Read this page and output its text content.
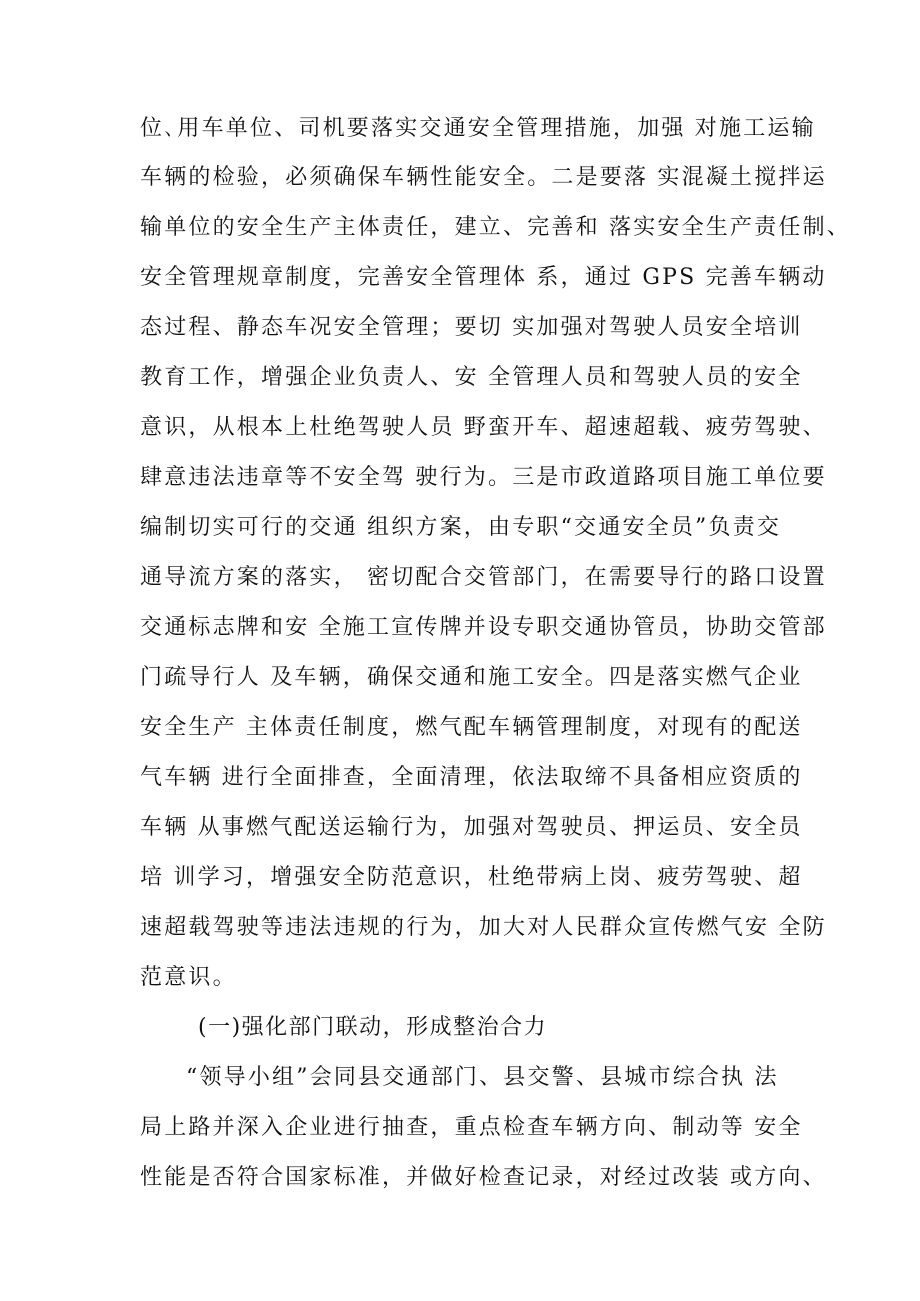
位､用车单位、司机要落实交通安全管理措施，加强 对施工运输
车辆的检验，必须确保车辆性能安全。二是要落 实混凝土搅拌运
输单位的安全生产主体责任，建立、完善和 落实安全生产责任制、
安全管理规章制度，完善安全管理体 系，通过 GPS 完善车辆动
态过程、静态车况安全管理；要切 实加强对驾驶人员安全培训
教育工作，增强企业负责人、安 全管理人员和驾驶人员的安全
意识，从根本上杜绝驾驶人员 野蛮开车、超速超载、疲劳驾驶、
肆意违法违章等不安全驾 驶行为。三是市政道路项目施工单位要
编制切实可行的交通 组织方案，由专职“交通安全员”负责交
通导流方案的落实， 密切配合交管部门，在需要导行的路口设置
交通标志牌和安 全施工宣传牌并设专职交通协管员，协助交管部
门疏导行人 及车辆，确保交通和施工安全。四是落实燃气企业
安全生产 主体责任制度，燃气配车辆管理制度，对现有的配送
气车辆 进行全面排查，全面清理，依法取缔不具备相应资质的
车辆 从事燃气配送运输行为，加强对驾驶员、押运员、安全员
培 训学习，增强安全防范意识，杜绝带病上岗、疲劳驾驶、超
速超载驾驶等违法违规的行为，加大对人民群众宣传燃气安 全防
范意识。
(一)强化部门联动，形成整治合力
“领导小组”会同县交通部门、县交警、县城市综合执 法
局上路并深入企业进行抽查，重点检查车辆方向、制动等 安全
性能是否符合国家标准，并做好检查记录，对经过改装 或方向、
